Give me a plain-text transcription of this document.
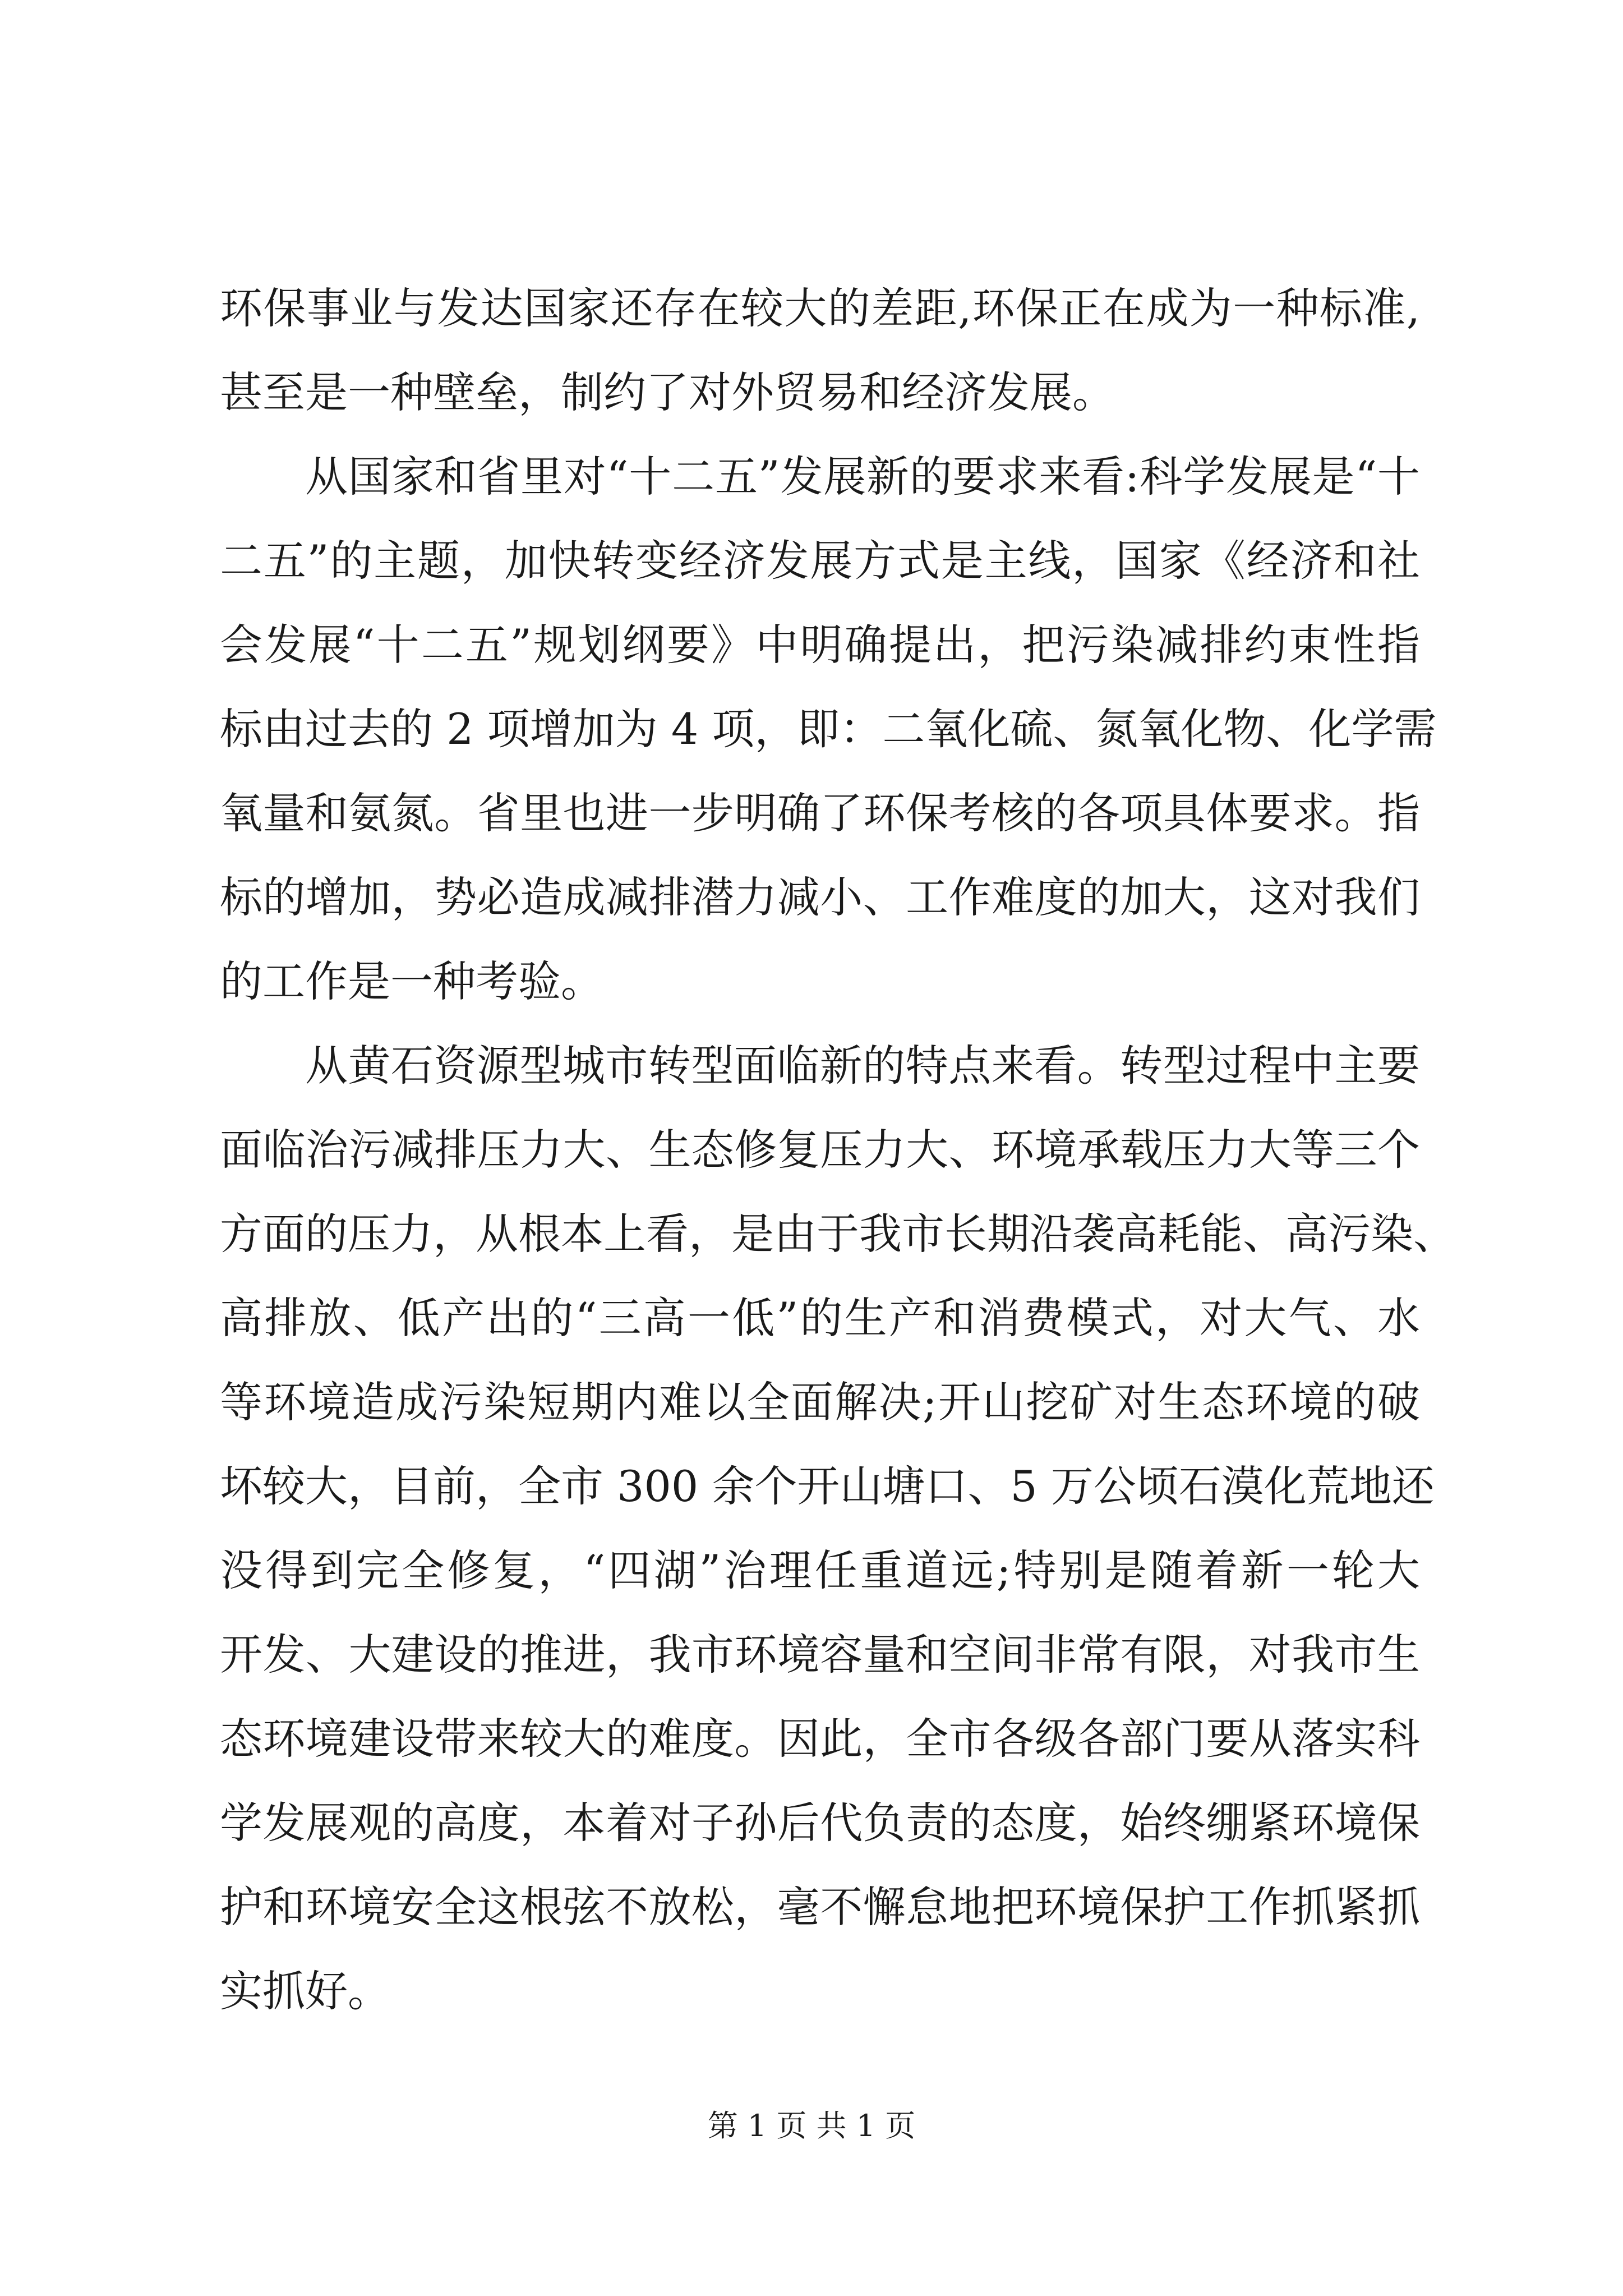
环保事业与发达国家还存在较大的差距,环保正在成为一种标准,
甚至是一种壁垒，制约了对外贸易和经济发展。
从国家和省里对“十二五”发展新的要求来看:科学发展是“十
二五”的主题，加快转变经济发展方式是主线，国家《经济和社
会发展“十二五”规划纲要》中明确提出，把污染减排约束性指
标由过去的 2 项增加为 4 项，即：二氧化硫、氮氧化物、化学需
氧量和氨氮。省里也进一步明确了环保考核的各项具体要求。指
标的增加，势必造成减排潜力减小、工作难度的加大，这对我们
的工作是一种考验。
从黄石资源型城市转型面临新的特点来看。转型过程中主要
面临治污减排压力大、生态修复压力大、环境承载压力大等三个
方面的压力，从根本上看，是由于我市长期沿袭高耗能、高污染、
高排放、低产出的“三高一低”的生产和消费模式，对大气、水
等环境造成污染短期内难以全面解决;开山挖矿对生态环境的破
坏较大，目前，全市 300 余个开山塘口、5 万公顷石漠化荒地还
没得到完全修复，“四湖”治理任重道远;特别是随着新一轮大
开发、大建设的推进，我市环境容量和空间非常有限，对我市生
态环境建设带来较大的难度。因此，全市各级各部门要从落实科
学发展观的高度，本着对子孙后代负责的态度，始终绷紧环境保
护和环境安全这根弦不放松，毫不懈怠地把环境保护工作抓紧抓
实抓好。
第 1 页 共 1 页
